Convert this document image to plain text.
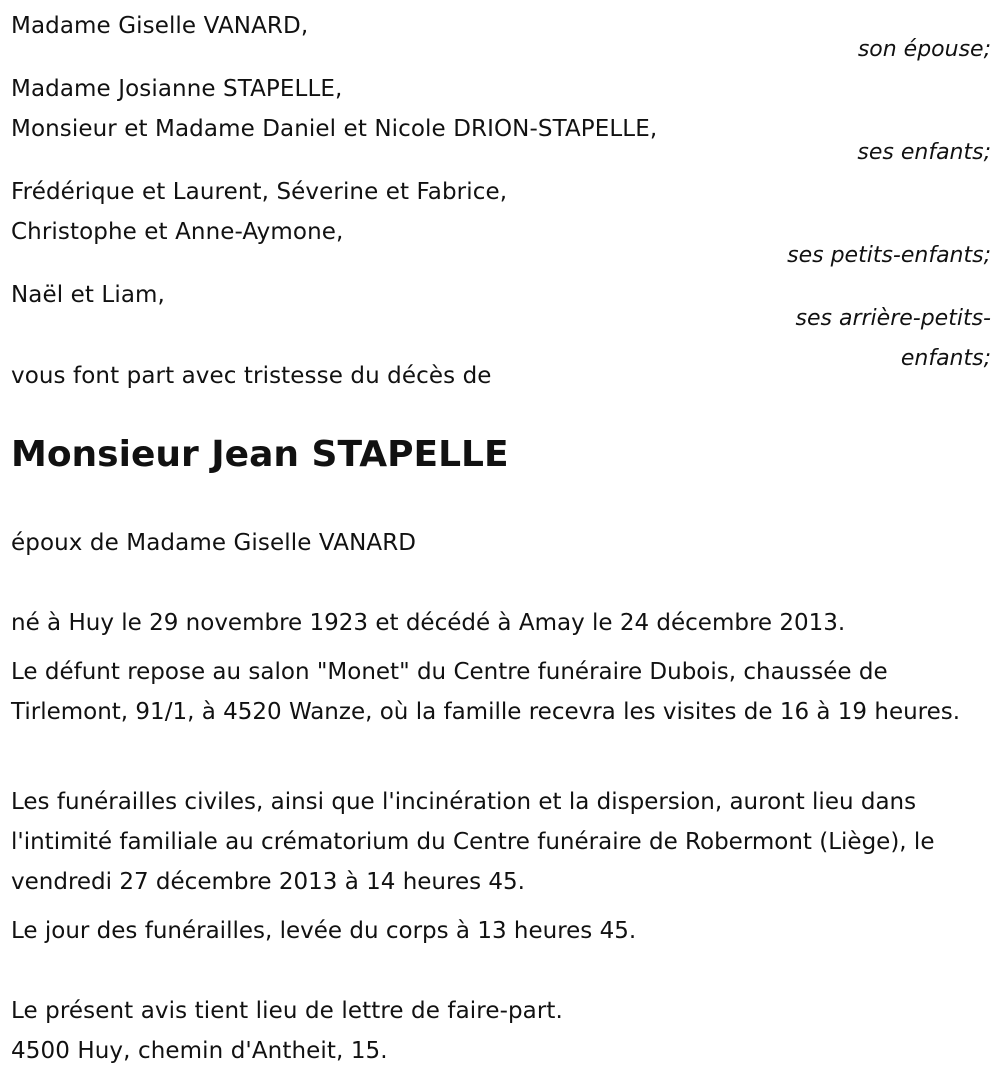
Madame Giselle VANARD,
son épouse;
Madame Josianne STAPELLE,
Monsieur et Madame Daniel et Nicole DRION-STAPELLE,
ses enfants;
Frédérique et Laurent, Séverine et Fabrice,
Christophe et Anne-Aymone,
ses petits-enfants;
Naël et Liam,
ses arrière-petits-
enfants;
vous font part avec tristesse du décès de
Monsieur Jean STAPELLE
époux de Madame Giselle VANARD
né à Huy le 29 novembre 1923 et décédé à Amay le 24 décembre 2013.
Le défunt repose au salon "Monet" du Centre funéraire Dubois, chaussée de Tirlemont, 91/1, à 4520 Wanze, où la famille recevra les visites de 16 à 19 heures.
Les funérailles civiles, ainsi que l'incinération et la dispersion, auront lieu dans l'intimité familiale au crématorium du Centre funéraire de Robermont (Liège), le vendredi 27 décembre 2013 à 14 heures 45.
Le jour des funérailles, levée du corps à 13 heures 45.
Le présent avis tient lieu de lettre de faire-part.
4500 Huy, chemin d'Antheit, 15.
